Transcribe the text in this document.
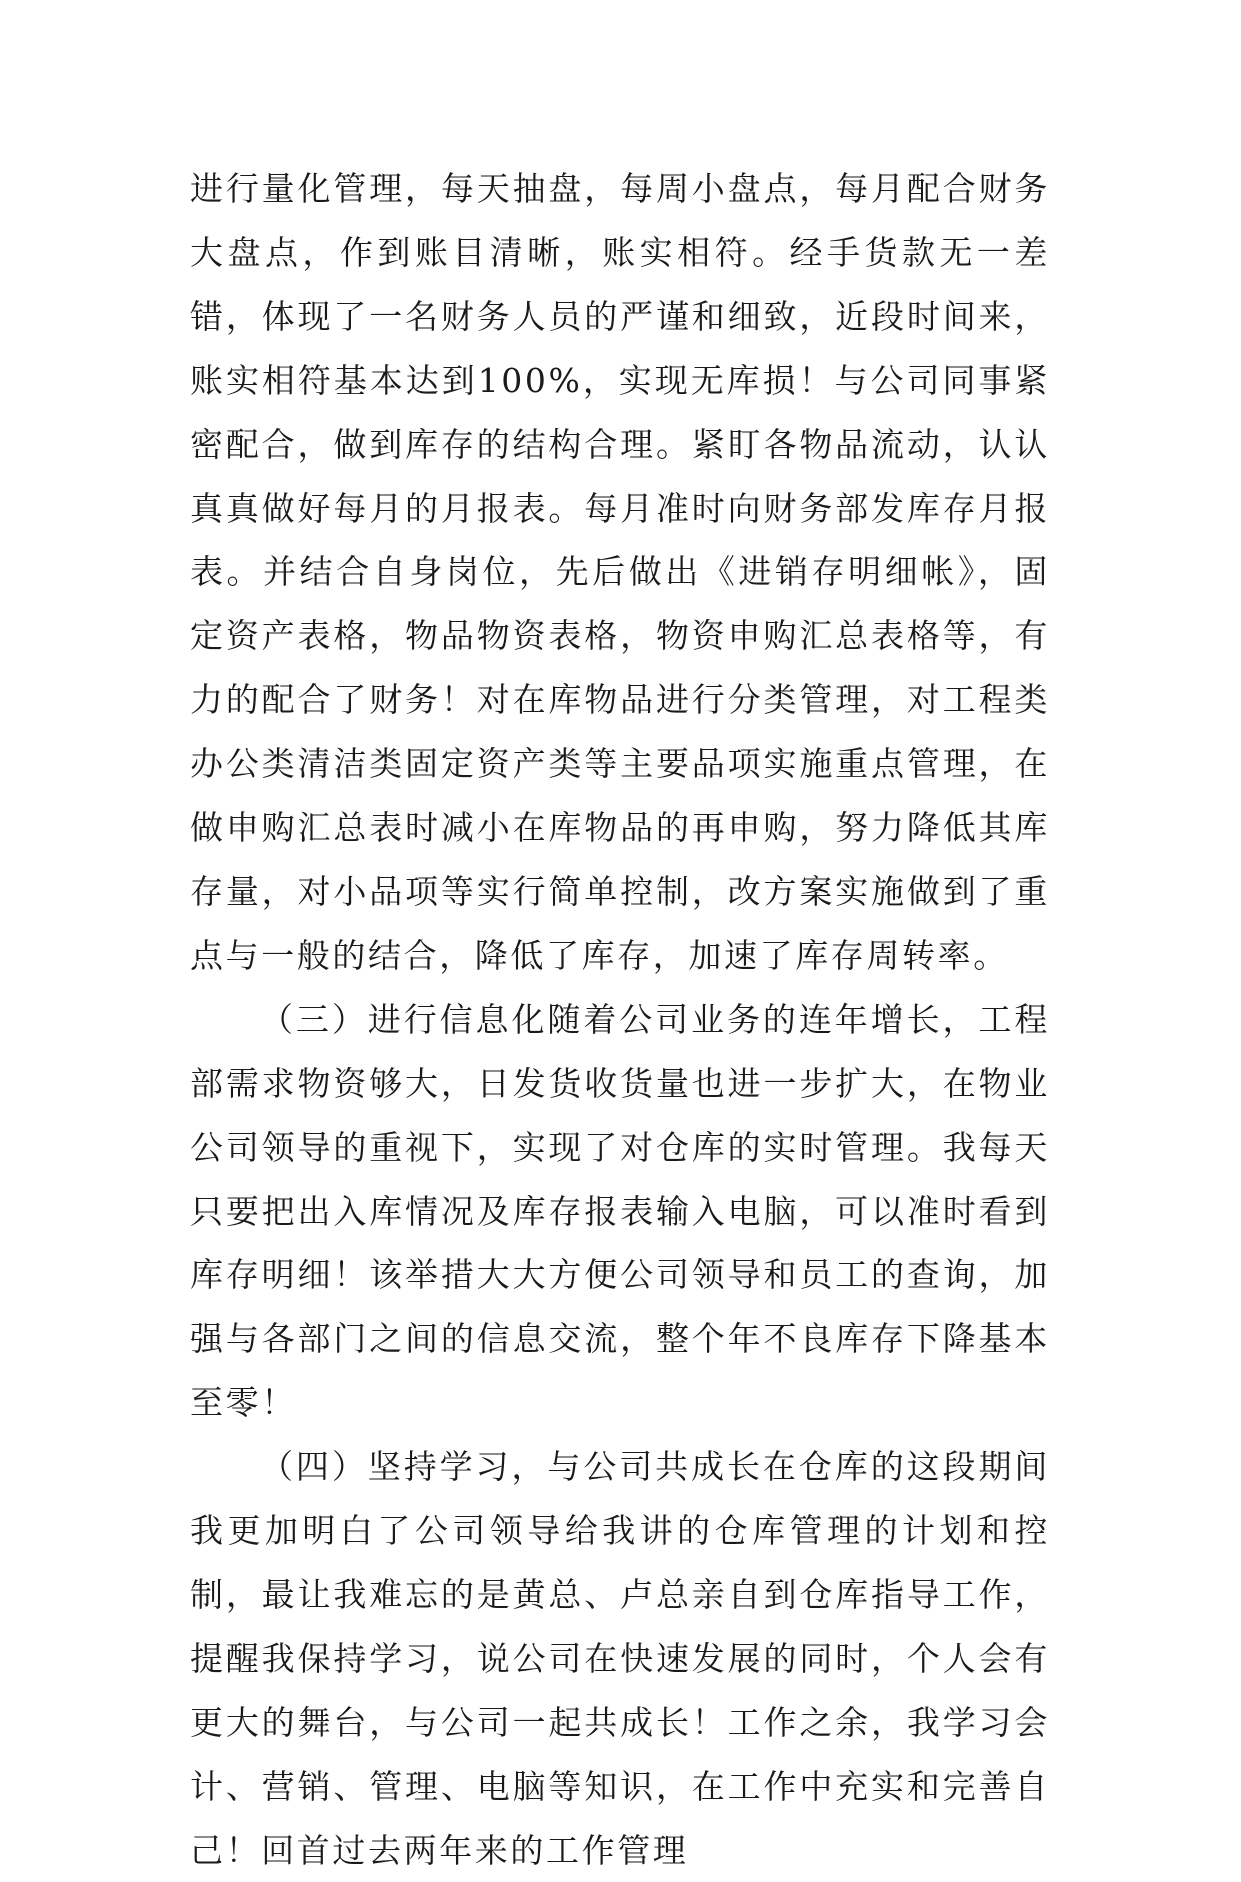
进行量化管理，每天抽盘，每周小盘点，每月配合财务大盘点，作到账目清晰，账实相符。经手货款无一差错，体现了一名财务人员的严谨和细致，近段时间来，账实相符基本达到100%，实现无库损！与公司同事紧密配合，做到库存的结构合理。紧盯各物品流动，认认真真做好每月的月报表。每月准时向财务部发库存月报表。并结合自身岗位，先后做出《进销存明细帐》，固定资产表格，物品物资表格，物资申购汇总表格等，有力的配合了财务！对在库物品进行分类管理，对工程类办公类清洁类固定资产类等主要品项实施重点管理，在做申购汇总表时减小在库物品的再申购，努力降低其库存量，对小品项等实行简单控制，改方案实施做到了重点与一般的结合，降低了库存，加速了库存周转率。

（三）进行信息化随着公司业务的连年增长，工程部需求物资够大，日发货收货量也进一步扩大，在物业公司领导的重视下，实现了对仓库的实时管理。我每天只要把出入库情况及库存报表输入电脑，可以准时看到库存明细！该举措大大方便公司领导和员工的查询，加强与各部门之间的信息交流，整个年不良库存下降基本至零！

（四）坚持学习，与公司共成长在仓库的这段期间我更加明白了公司领导给我讲的仓库管理的计划和控制，最让我难忘的是黄总、卢总亲自到仓库指导工作，提醒我保持学习，说公司在快速发展的同时，个人会有更大的舞台，与公司一起共成长！工作之余，我学习会计、营销、管理、电脑等知识，在工作中充实和完善自己！回首过去两年来的工作管理
